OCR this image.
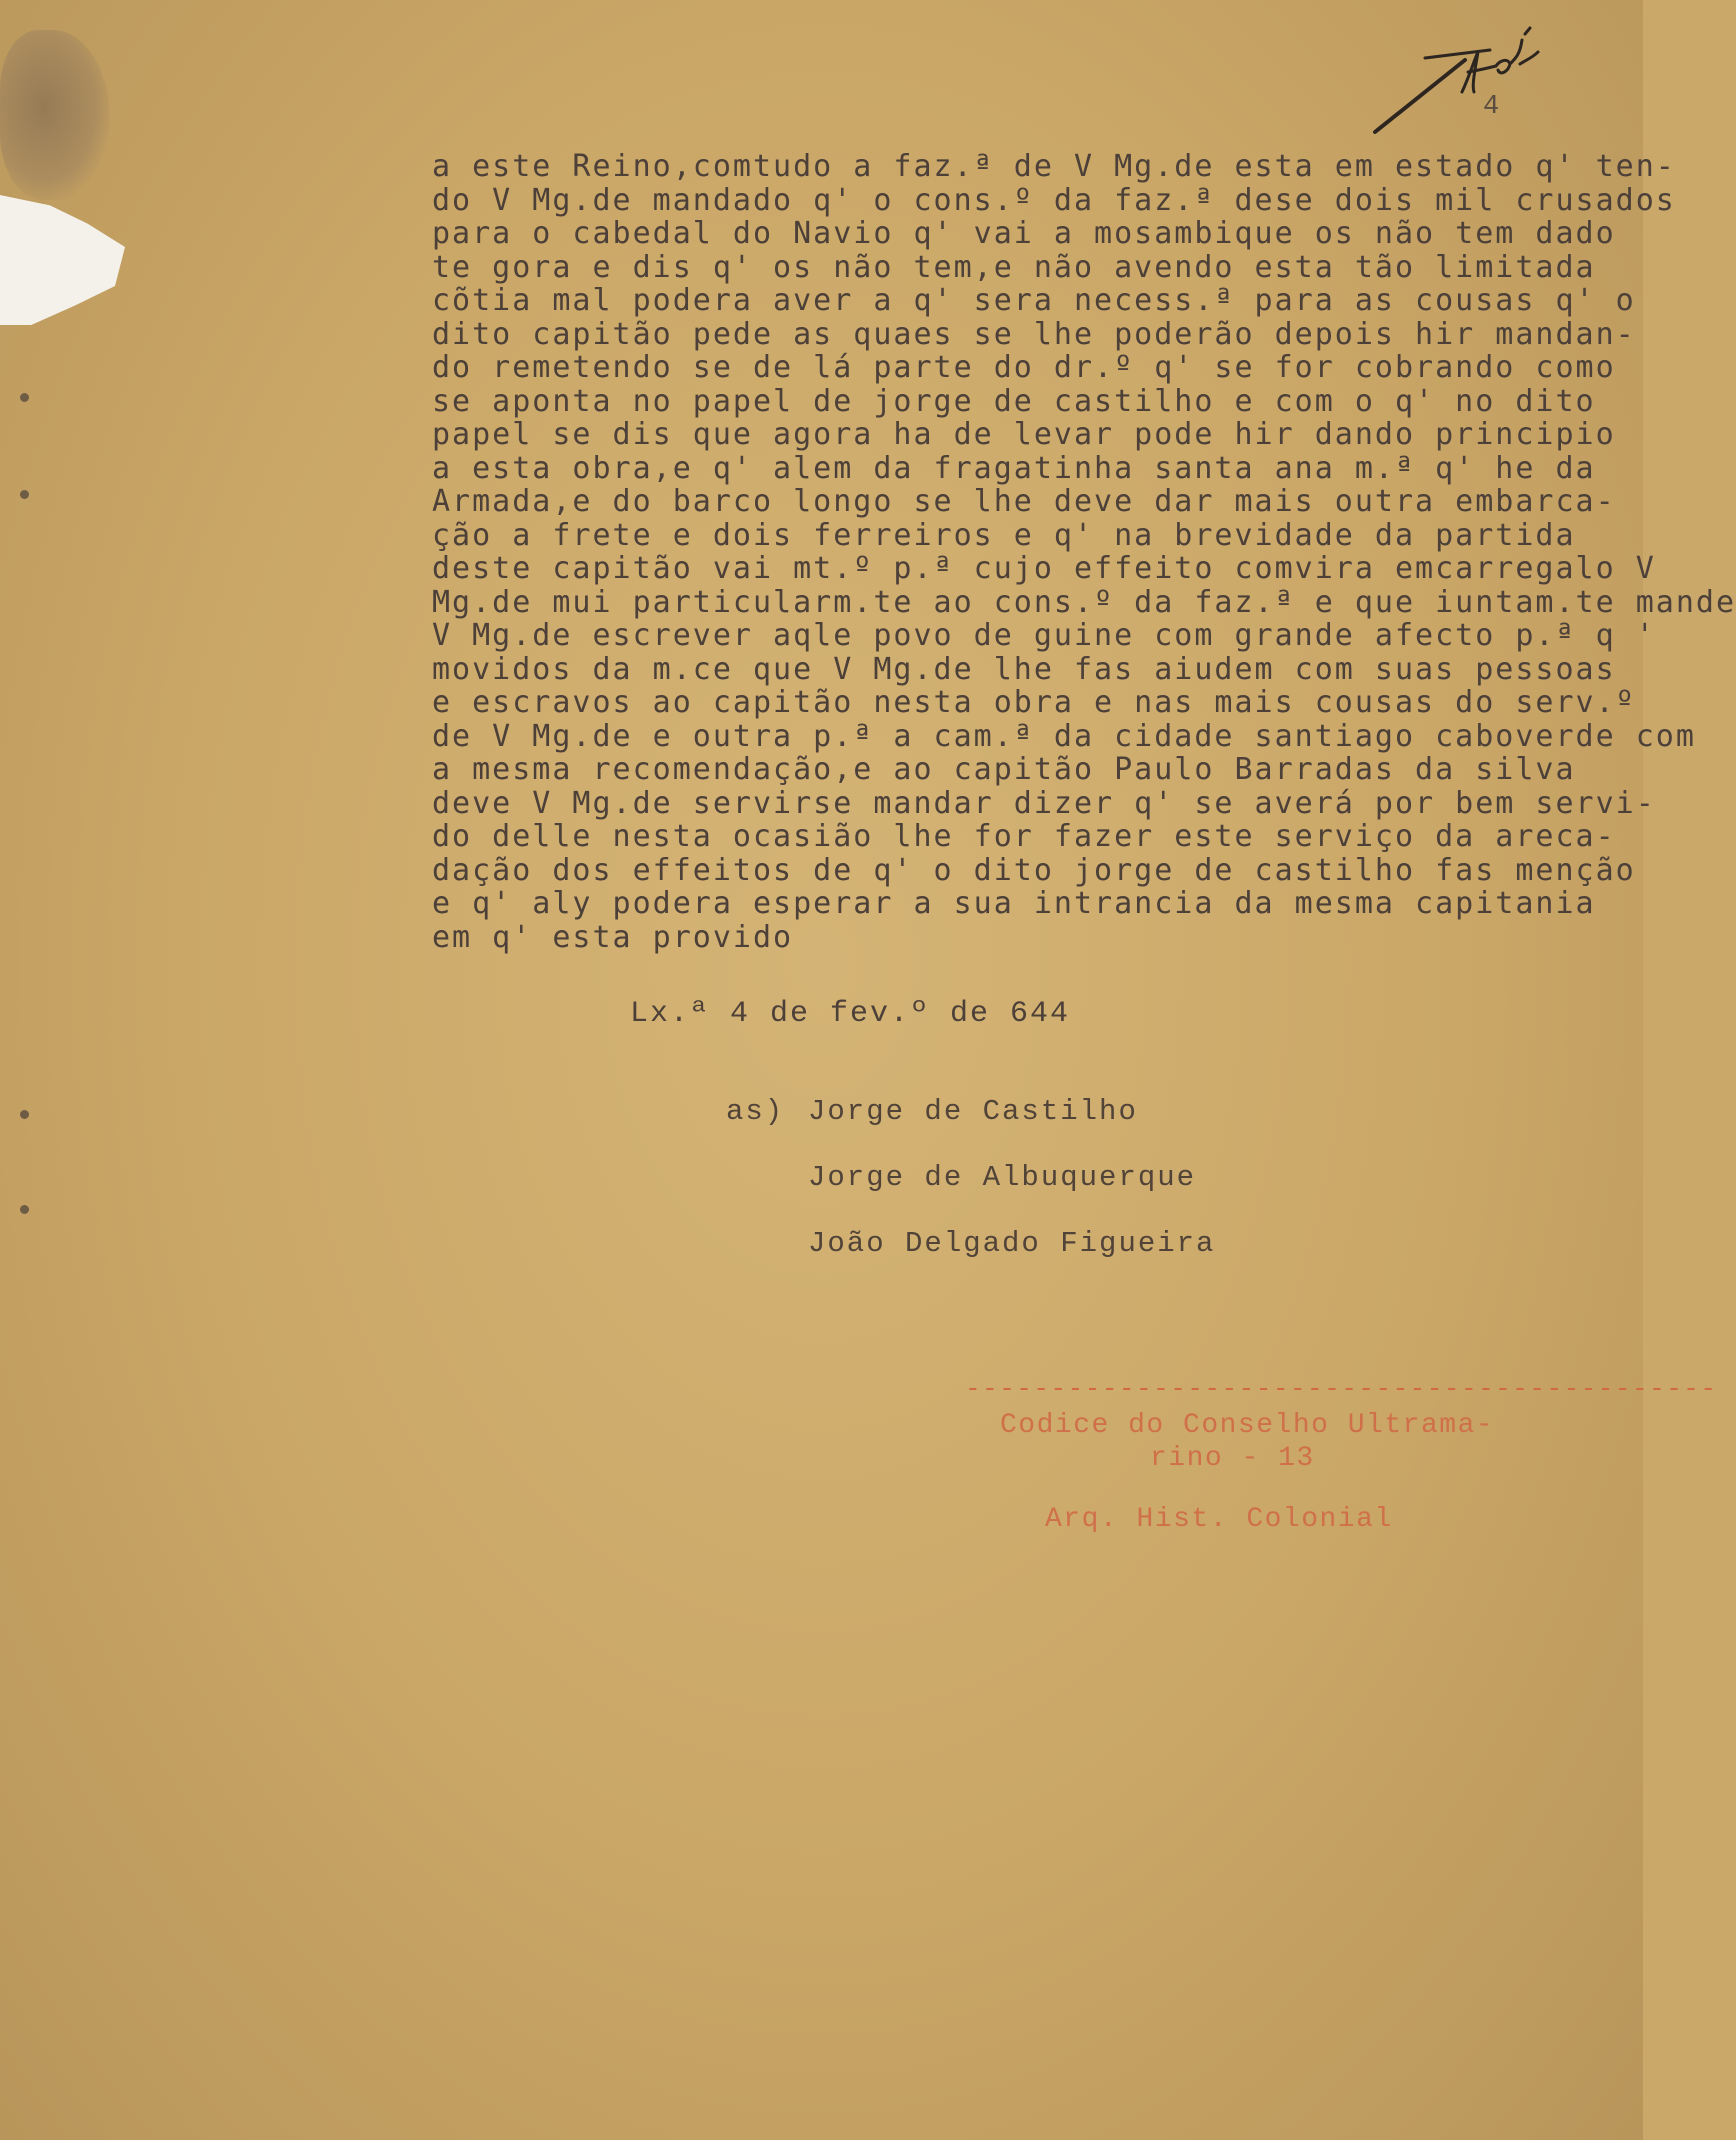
4
a este Reino,comtudo a faz.ª de V Mg.de esta em estado q' ten-
do V Mg.de mandado q' o cons.º da faz.ª dese dois mil crusados
para o cabedal do Navio q' vai a mosambique os não tem dado
te gora e dis q' os não tem,e não avendo esta tão limitada
cõtia mal podera aver a q' sera necess.ª para as cousas q' o
dito capitão pede as quaes se lhe poderão depois hir mandan-
do remetendo se de lá parte do dr.º q' se for cobrando como
se aponta no papel de jorge de castilho e com o q' no dito
papel se dis que agora ha de levar pode hir dando principio
a esta obra,e q' alem da fragatinha santa ana m.ª q' he da
Armada,e do barco longo se lhe deve dar mais outra embarca-
ção a frete e dois ferreiros e q' na brevidade da partida
deste capitão vai mt.º p.ª cujo effeito comvira emcarregalo V
Mg.de mui particularm.te ao cons.º da faz.ª e que iuntam.te mande
V Mg.de escrever aqle povo de guine com grande afecto p.ª q '
movidos da m.ce que V Mg.de lhe fas aiudem com suas pessoas
e escravos ao capitão nesta obra e nas mais cousas do serv.º
de V Mg.de e outra p.ª a cam.ª da cidade santiago caboverde com
a mesma recomendação,e ao capitão Paulo Barradas da silva
deve V Mg.de servirse mandar dizer q' se averá por bem servi-
do delle nesta ocasião lhe for fazer este serviço da areca-
dação dos effeitos de q' o dito jorge de castilho fas menção
e q' aly podera esperar a sua intrancia da mesma capitania
em q' esta provido
Lx.ª 4 de fev.º de 644
as) Jorge de Castilho
Jorge de Albuquerque
João Delgado Figueira
--------------------------------------------
Codice do Conselho Ultrama-
rino - 13
Arq. Hist. Colonial
